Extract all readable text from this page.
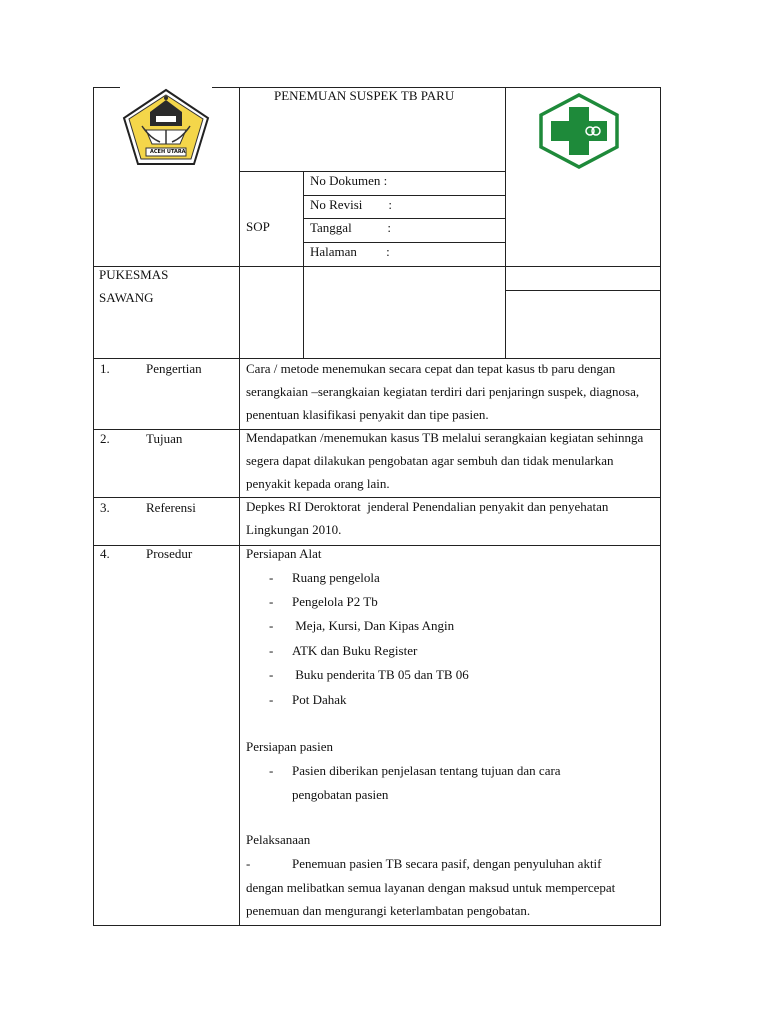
ACEH UTARA
PENEMUAN SUSPEK TB PARU
SOP
No Dokumen :
No Revisi        :
Tanggal           :
Halaman         :
PUKESMAS
SAWANG
1.	Pengertian	Cara / metode menemukan secara cepat dan tepat kasus tb paru dengan serangkaian –serangkaian kegiatan terdiri dari penjaringn suspek, diagnosa, penentuan klasifikasi penyakit dan tipe pasien.
2.	Tujuan	Mendapatkan /menemukan kasus TB melalui serangkaian kegiatan sehinnga segera dapat dilakukan pengobatan agar sembuh dan tidak menularkan penyakit kepada orang lain.
3.	Referensi	Depkes RI Deroktorat  jenderal Penendalian penyakit dan penyehatan Lingkungan 2010.
4.	Prosedur	Persiapan Alat
- Ruang pengelola
- Pengelola P2 Tb
- Meja, Kursi, Dan Kipas Angin
- ATK dan Buku Register
- Buku penderita TB 05 dan TB 06
- Pot Dahak
Persiapan pasien
- Pasien diberikan penjelasan tentang tujuan dan cara
pengobatan pasien
Pelaksanaan
-	Penemuan pasien TB secara pasif, dengan penyuluhan aktif
dengan melibatkan semua layanan dengan maksud untuk mempercepat
penemuan dan mengurangi keterlambatan pengobatan.
